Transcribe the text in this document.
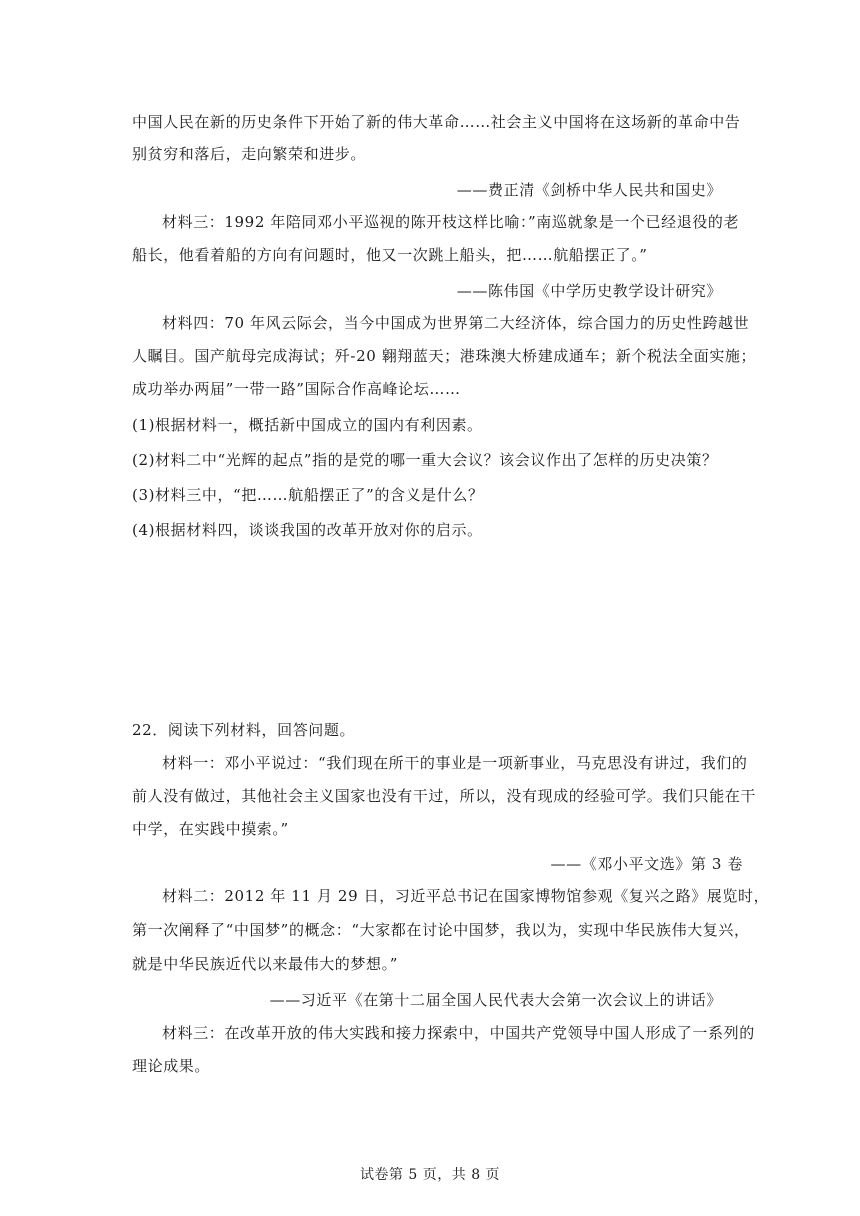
中国人民在新的历史条件下开始了新的伟大革命……社会主义中国将在这场新的革命中告
别贫穷和落后，走向繁荣和进步。
——费正清《剑桥中华人民共和国史》
材料三：1992 年陪同邓小平巡视的陈开枝这样比喻：”南巡就象是一个已经退役的老
船长，他看着船的方向有问题时，他又一次跳上船头，把……航船摆正了。”
——陈伟国《中学历史教学设计研究》
材料四：70 年风云际会，当今中国成为世界第二大经济体，综合国力的历史性跨越世
人瞩目。国产航母完成海试；歼-20 翱翔蓝天；港珠澳大桥建成通车；新个税法全面实施；
成功举办两届”一带一路”国际合作高峰论坛……
(1)根据材料一，概括新中国成立的国内有利因素。
(2)材料二中“光辉的起点”指的是党的哪一重大会议？该会议作出了怎样的历史决策？
(3)材料三中，“把……航船摆正了”的含义是什么？
(4)根据材料四，谈谈我国的改革开放对你的启示。
22．阅读下列材料，回答问题。
材料一：邓小平说过：“我们现在所干的事业是一项新事业，马克思没有讲过，我们的
前人没有做过，其他社会主义国家也没有干过，所以，没有现成的经验可学。我们只能在干
中学，在实践中摸索。”
——《邓小平文选》第 3 卷
材料二：2012 年 11 月 29 日，习近平总书记在国家博物馆参观《复兴之路》展览时，
第一次阐释了“中国梦”的概念：“大家都在讨论中国梦，我以为，实现中华民族伟大复兴，
就是中华民族近代以来最伟大的梦想。”
——习近平《在第十二届全国人民代表大会第一次会议上的讲话》
材料三：在改革开放的伟大实践和接力探索中，中国共产党领导中国人形成了一系列的
理论成果。
试卷第 5 页，共 8 页
